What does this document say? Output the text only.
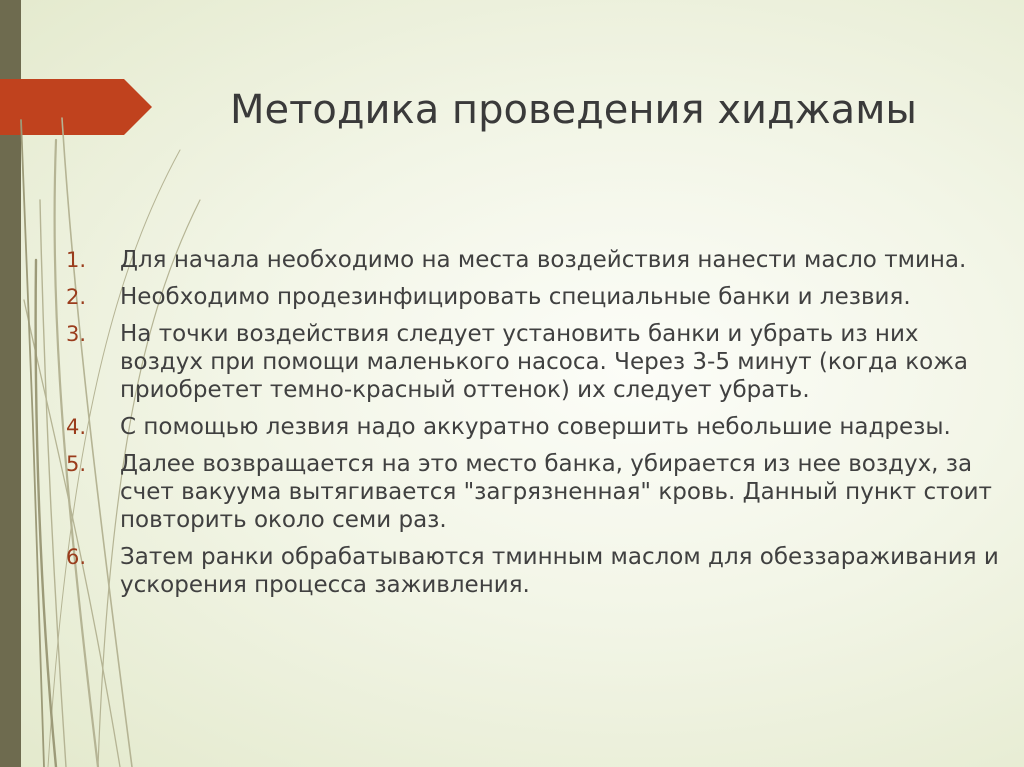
Методика проведения хиджамы
1. Для начала необходимо на места воздействия нанести масло тмина.
2. Необходимо продезинфицировать специальные банки и лезвия.
3. На точки воздействия следует установить банки и убрать из них воздух при помощи маленького насоса. Через 3-5 минут (когда кожа приобретет темно-красный оттенок) их следует убрать.
4. С помощью лезвия надо аккуратно совершить небольшие надрезы.
5. Далее возвращается на это место банка, убирается из нее воздух, за счет вакуума вытягивается "загрязненная" кровь. Данный пункт стоит повторить около семи раз.
6. Затем ранки обрабатываются тминным маслом для обеззараживания и ускорения процесса заживления.
